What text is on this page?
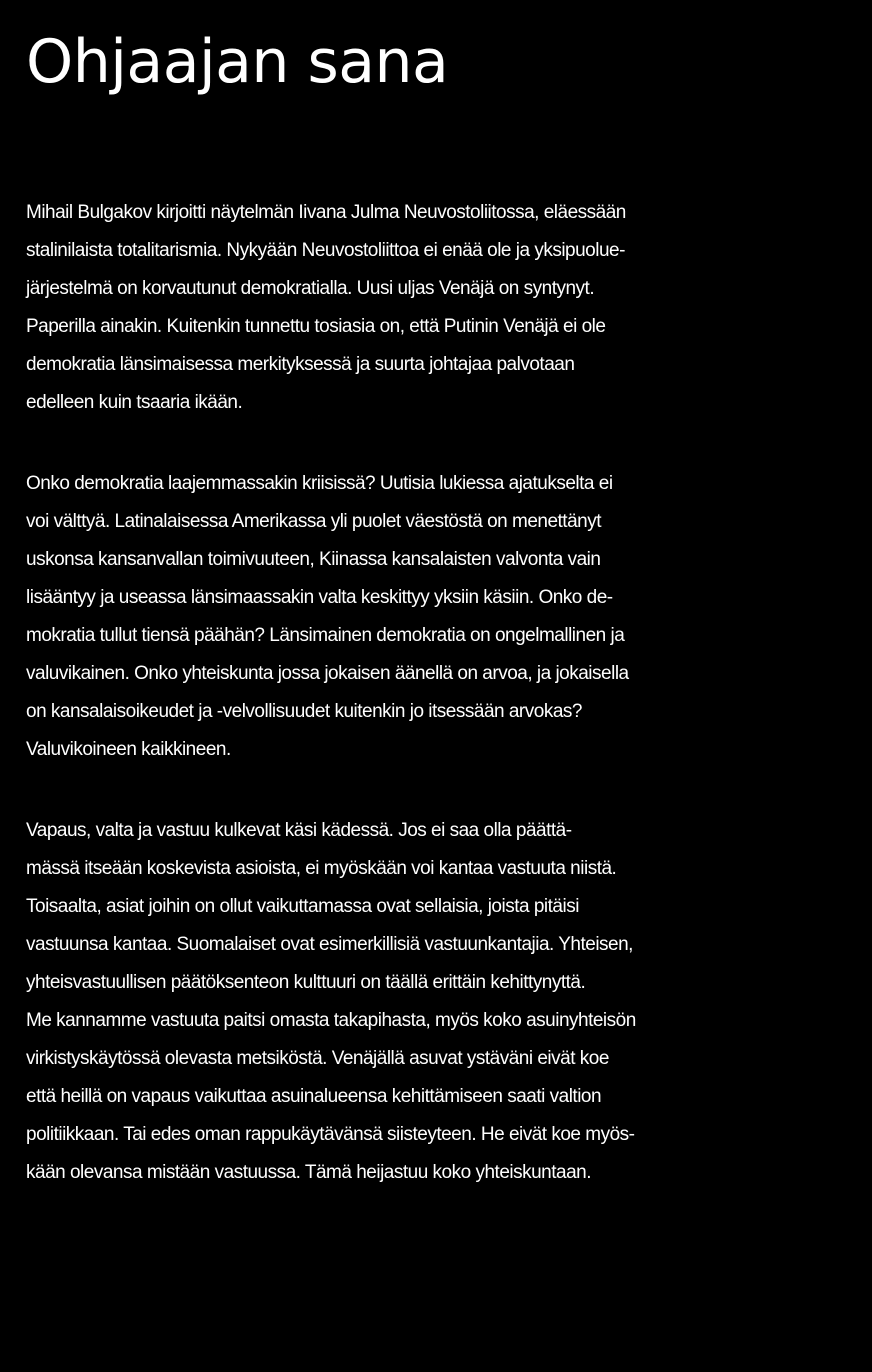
Ohjaajan sana

Mihail Bulgakov kirjoitti näytelmän Iivana Julma Neuvostoliitossa, eläessään
stalinilaista totalitarismia. Nykyään Neuvostoliittoa ei enää ole ja yksipuolue-
järjestelmä on korvautunut demokratialla. Uusi uljas Venäjä on syntynyt.
Paperilla ainakin. Kuitenkin tunnettu tosiasia on, että Putinin Venäjä ei ole
demokratia länsimaisessa merkityksessä ja suurta johtajaa palvotaan
edelleen kuin tsaaria ikään.

Onko demokratia laajemmassakin kriisissä? Uutisia lukiessa ajatukselta ei
voi välttyä. Latinalaisessa Amerikassa yli puolet väestöstä on menettänyt
uskonsa kansanvallan toimivuuteen, Kiinassa kansalaisten valvonta vain
lisääntyy ja useassa länsimaassakin valta keskittyy yksiin käsiin. Onko de-
mokratia tullut tiensä päähän? Länsimainen demokratia on ongelmallinen ja
valuvikainen. Onko yhteiskunta jossa jokaisen äänellä on arvoa, ja jokaisella
on kansalaisoikeudet ja -velvollisuudet kuitenkin jo itsessään arvokas?
Valuvikoineen kaikkineen.

Vapaus, valta ja vastuu kulkevat käsi kädessä. Jos ei saa olla päättä-
mässä itseään koskevista asioista, ei myöskään voi kantaa vastuuta niistä.
Toisaalta, asiat joihin on ollut vaikuttamassa ovat sellaisia, joista pitäisi
vastuunsa kantaa. Suomalaiset ovat esimerkillisiä vastuunkantajia. Yhteisen,
yhteisvastuullisen päätöksenteon kulttuuri on täällä erittäin kehittynyttä.
Me kannamme vastuuta paitsi omasta takapihasta, myös koko asuinyhteisön
virkistyskäytössä olevasta metsiköstä. Venäjällä asuvat ystäväni eivät koe
että heillä on vapaus vaikuttaa asuinalueensa kehittämiseen saati valtion
politiikkaan. Tai edes oman rappukäytävänsä siisteyteen. He eivät koe myös-
kään olevansa mistään vastuussa. Tämä heijastuu koko yhteiskuntaan.
